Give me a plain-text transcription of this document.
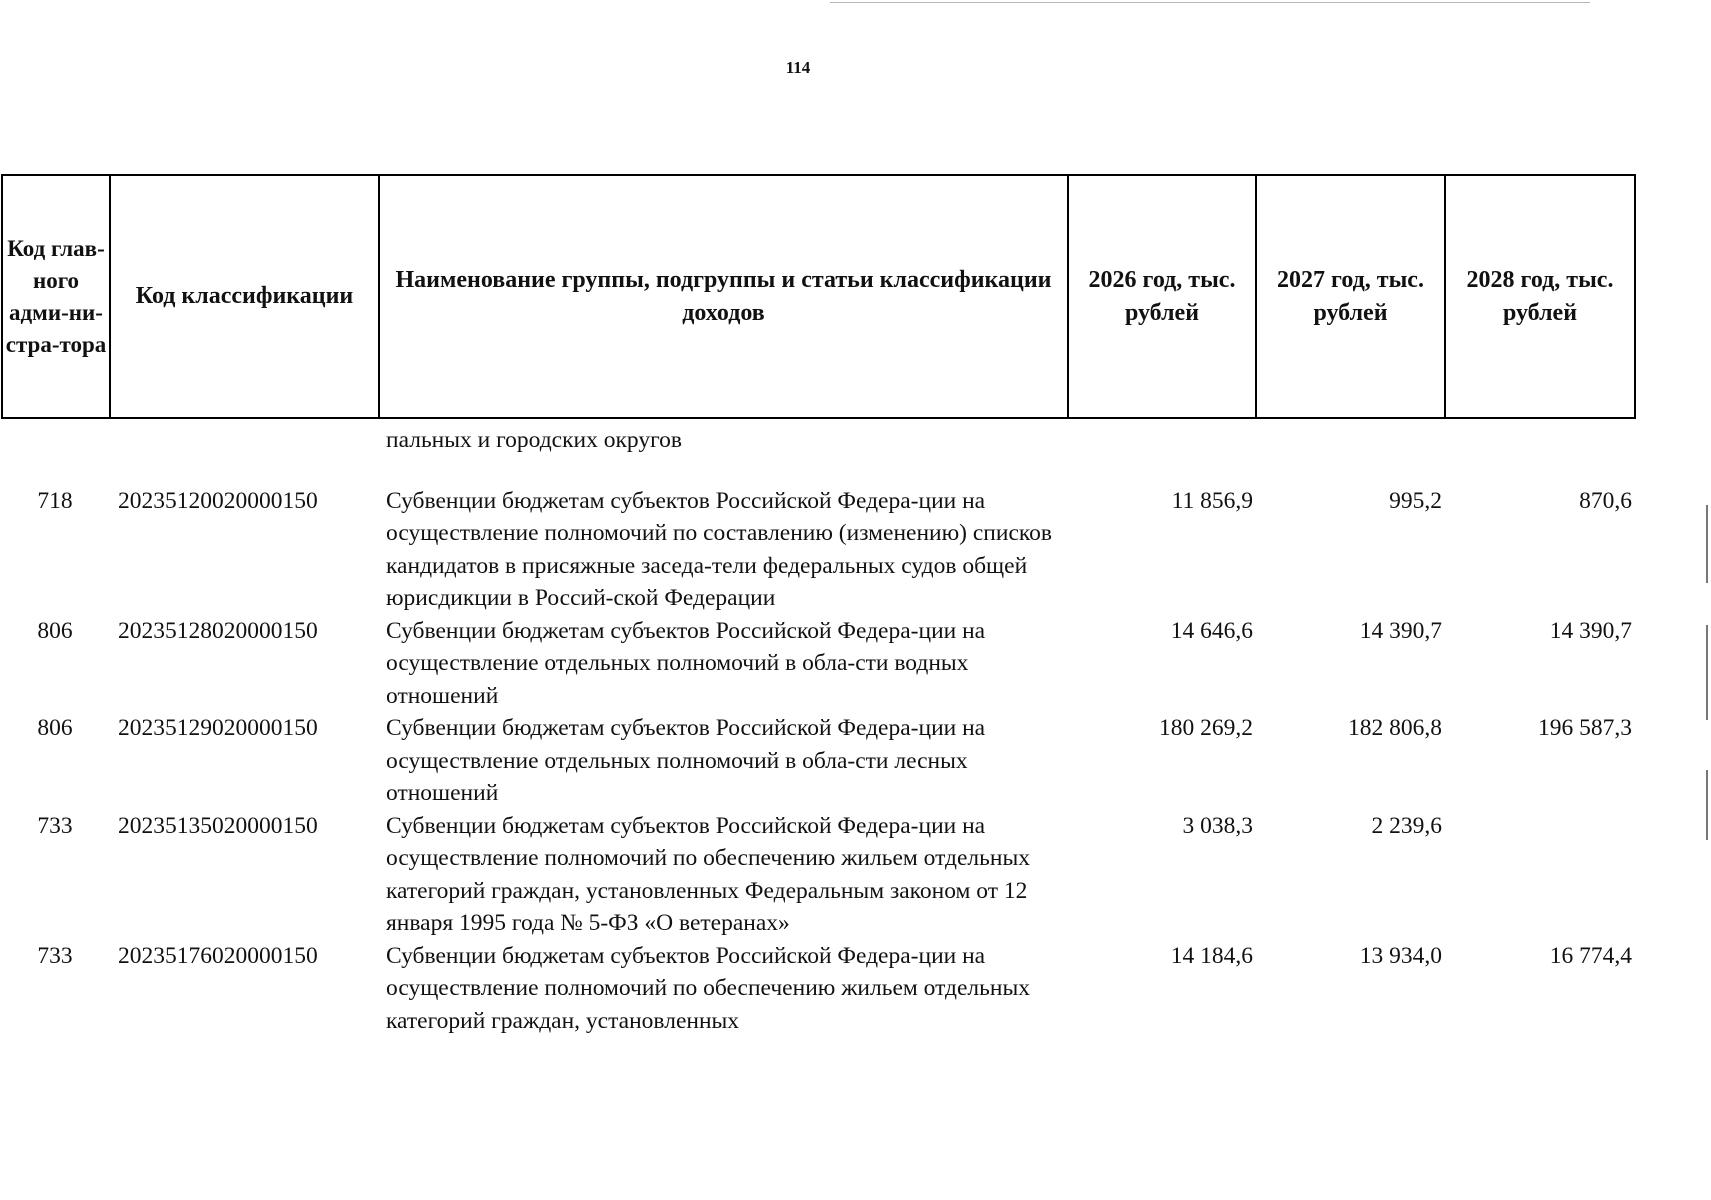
114
Код глав-ного адми-ни-стра-тора	Код классификации	Наименование группы, подгруппы и статьи классификации доходов	2026 год, тыс. рублей	2027 год, тыс. рублей	2028 год, тыс. рублей
		пальных и городских округов			

718	20235120020000150	Субвенции бюджетам субъектов Российской Федера-ции на осуществление полномочий по составлению (изменению) списков кандидатов в присяжные заседа-тели федеральных судов общей юрисдикции в Россий-ской Федерации	11 856,9	995,2	870,6
806	20235128020000150	Субвенции бюджетам субъектов Российской Федера-ции на осуществление отдельных полномочий в обла-сти водных отношений	14 646,6	14 390,7	14 390,7
806	20235129020000150	Субвенции бюджетам субъектов Российской Федера-ции на осуществление отдельных полномочий в обла-сти лесных отношений	180 269,2	182 806,8	196 587,3
733	20235135020000150	Субвенции бюджетам субъектов Российской Федера-ции на осуществление полномочий по обеспечению жильем отдельных категорий граждан, установленных Федеральным законом от 12 января 1995 года № 5-ФЗ «О ветеранах»	3 038,3	2 239,6	
733	20235176020000150	Субвенции бюджетам субъектов Российской Федера-ции на осуществление полномочий по обеспечению жильем отдельных категорий граждан, установленных	14 184,6	13 934,0	16 774,4
